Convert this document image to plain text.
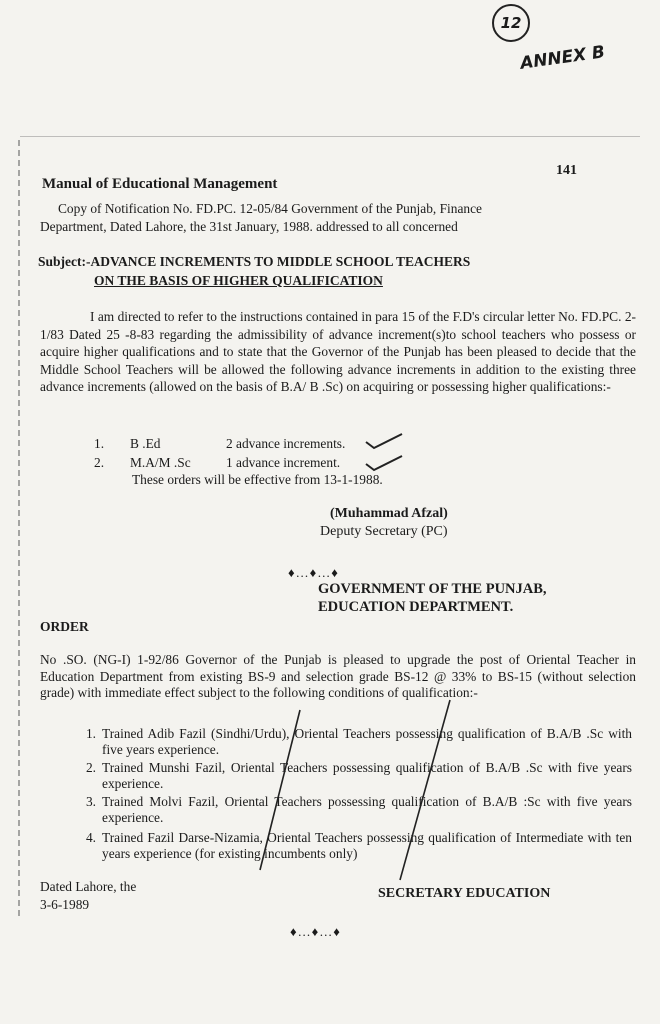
12
ANNEX B
141
Manual of Educational Management
Copy of Notification No. FD.PC. 12-05/84 Government of the Punjab, Finance
Department, Dated Lahore, the 31st January, 1988. addressed to all concerned
Subject:-ADVANCE INCREMENTS TO MIDDLE SCHOOL TEACHERS
ON THE BASIS OF HIGHER QUALIFICATION
I am directed to refer to the instructions contained in para 15 of the F.D's circular letter No. FD.PC. 2-1/83 Dated 25 -8-83 regarding the admissibility of advance increment(s)to school teachers who possess or acquire higher qualifications and to state that the Governor of the Punjab has been pleased to decide that the Middle School Teachers will be allowed the following advance increments in addition to the existing three advance increments (allowed on the basis of B.A/ B .Sc) on acquiring or possessing higher qualifications:-
1. B .Ed	2 advance increments.
2. M.A/M .Sc	1 advance increment.
These orders will be effective from 13-1-1988.
(Muhammad Afzal)
Deputy Secretary (PC)
♦…♦…♦
GOVERNMENT OF THE PUNJAB,
EDUCATION DEPARTMENT.
ORDER
No .SO. (NG-I) 1-92/86 Governor of the Punjab is pleased to upgrade the post of Oriental Teacher in Education Department from existing BS-9 and selection grade BS-12 @ 33% to BS-15 (without selection grade) with immediate effect subject to the following conditions of qualification:-
1. Trained Adib Fazil (Sindhi/Urdu), Oriental Teachers possessing qualification of B.A/B .Sc with five years experience.
2. Trained Munshi Fazil, Oriental Teachers possessing qualification of B.A/B .Sc with five years experience.
3. Trained Molvi Fazil, Oriental Teachers possessing qualification of B.A/B :Sc with five years experience.
4. Trained Fazil Darse-Nizamia, Oriental Teachers possessing qualification of Intermediate with ten years experience (for existing incumbents only)
Dated Lahore, the
3-6-1989
SECRETARY EDUCATION
♦…♦…♦
